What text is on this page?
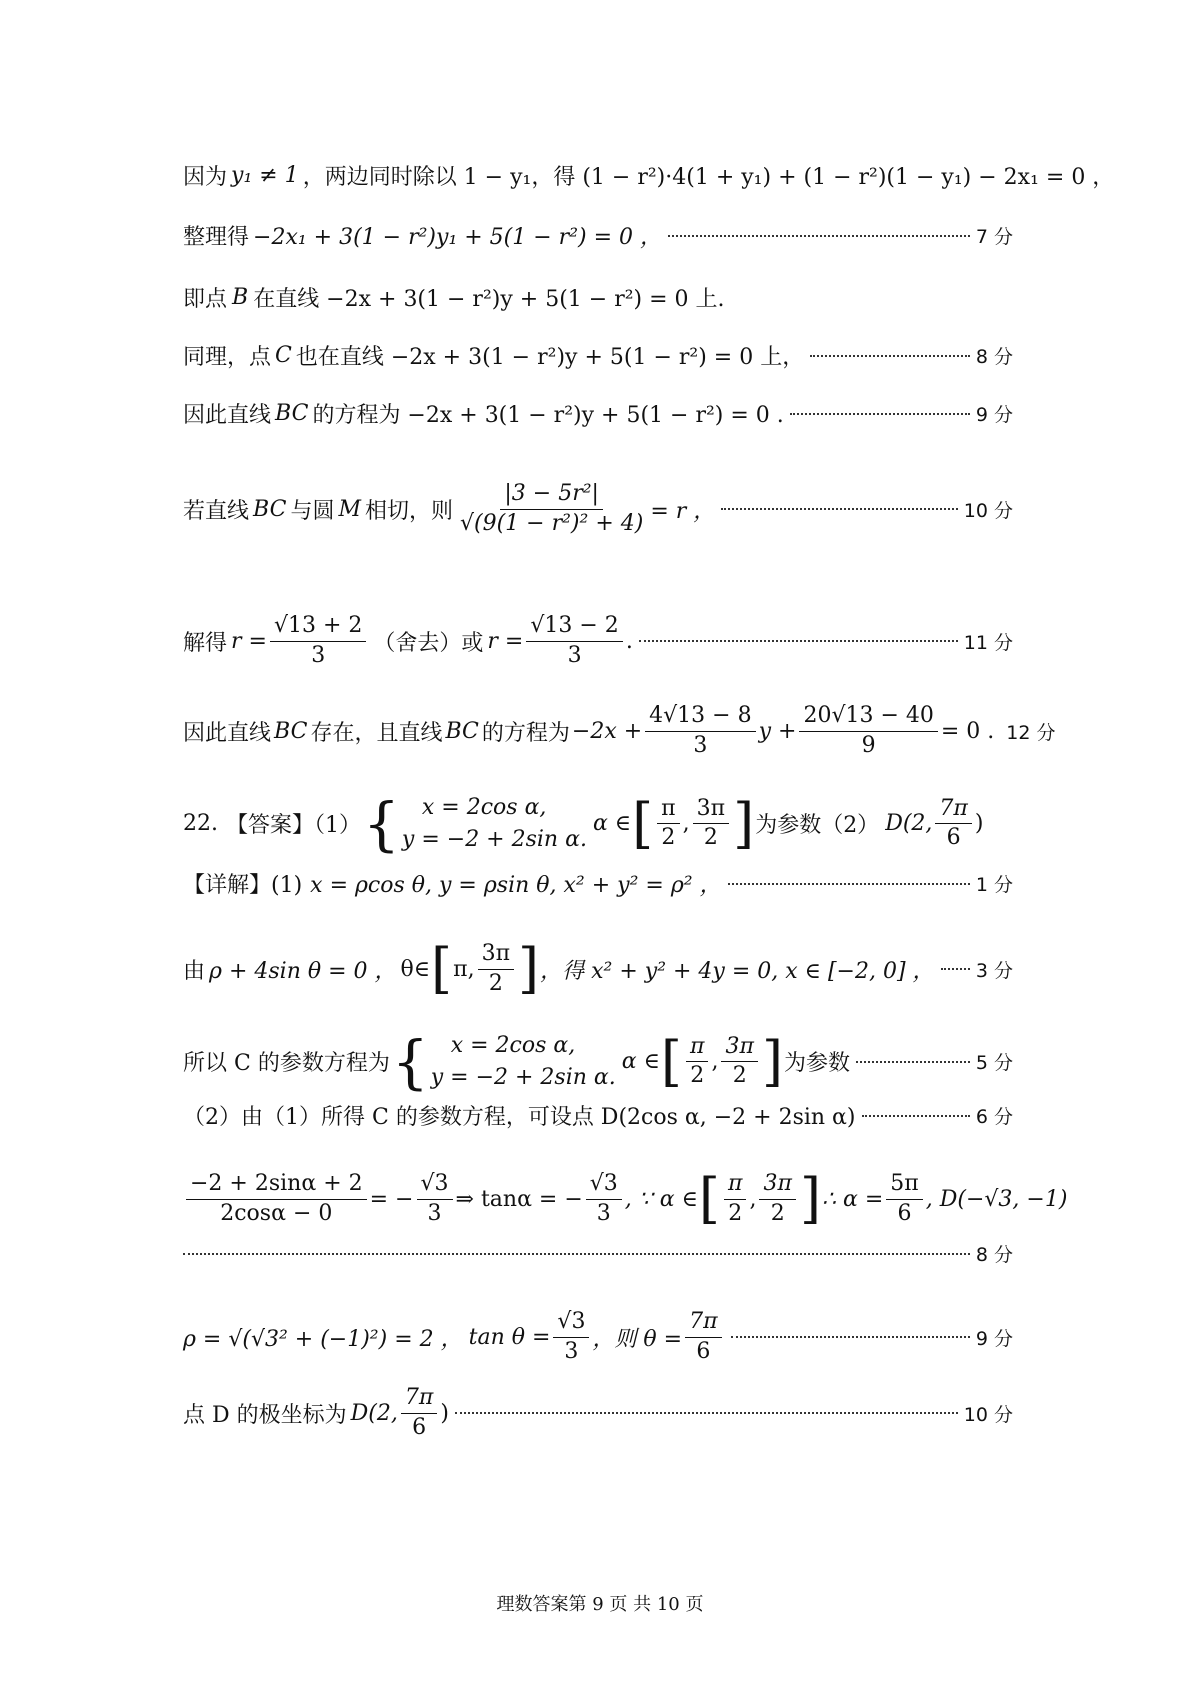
因为 y₁ ≠ 1 ，两边同时除以 1 − y₁，得 (1 − r²)·4(1 + y₁) + (1 − r²)(1 − y₁) − 2x₁ = 0 ，
整理得 −2x₁ + 3(1 − r²)y₁ + 5(1 − r²) = 0 ，	7 分
即点 B 在直线 −2x + 3(1 − r²)y + 5(1 − r²) = 0 上.
同理，点 C 也在直线 −2x + 3(1 − r²)y + 5(1 − r²) = 0 上，	8 分
因此直线 BC 的方程为 −2x + 3(1 − r²)y + 5(1 − r²) = 0 .	9 分
若直线 BC 与圆 M 相切，则 $\frac{\text{|3 − 5r²|}}{\text{√(9(1 − r²)² + 4)}} = r$ ，	10 分
解得 $r = \frac{√13 + 2}{3}$ （舍去）或 $r = \frac{√13 - 2}{3}$ .	11 分
因此直线 BC 存在，且直线 BC 的方程为 $-2x + \frac{4√13 - 8}{3}$ $y + \frac{20√13 - 40}{9} = 0$ . 12 分
22. 【答案】（1） {	x = 2cos α,
y = −2 + 2sin α.
α ∈ [ $\frac{\pi}{2}$ , $\frac{3\pi}{2}$ ] 为参数（2） D(2, $\frac{7\pi}{6}$ )
【详解】(1) x = ρcos θ, y = ρsin θ, x² + y² = ρ² ，	1 分
由 ρ + 4sin θ = 0 ， θ∈ [ π, $\frac{3\pi}{2}$ ] ，得 x² + y² + 4y = 0, x ∈ [−2, 0] ， 3 分
所以 C 的参数方程为 {	x = 2cos α,
y = −2 + 2sin α.
α ∈ [ $\frac{\pi}{2}$ , $\frac{3\pi}{2}$ ] 为参数	5 分
（2）由（1）所得 C 的参数方程，可设点 D(2cos α, −2 + 2sin α)	6 分
$\frac{-2 + 2\sin\alpha + 2}{2\cos\alpha - 0}$ = − $\frac{√3}{3}$ ⇒ tanα = − $\frac{√3}{3}$ , ∵ α ∈ [ $\frac{\pi}{2}$ , $\frac{3\pi}{2}$ ] ∴ $\alpha = \frac{5\pi}{6}$ , D(−√3, −1)
8 分
ρ = √(√3² + (−1)²) = 2 ， $\tan \theta = \frac{√3}{3}$ ，则 $\theta = \frac{7\pi}{6}$	9 分
点 D 的极坐标为 D(2, $\frac{7\pi}{6}$ )	10 分
理数答案第 9 页 共 10 页
